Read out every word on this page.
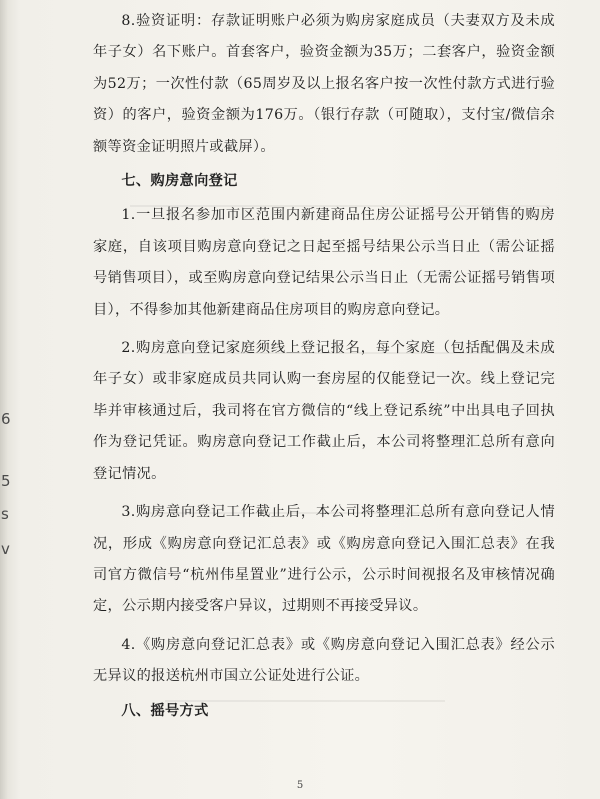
6
5
s
v

8.验资证明：存款证明账户必须为购房家庭成员（夫妻双方及未成年子女）名下账户。首套客户，验资金额为35万；二套客户，验资金额为52万；一次性付款（65周岁及以上报名客户按一次性付款方式进行验资）的客户，验资金额为176万。（银行存款（可随取），支付宝/微信余额等资金证明照片或截屏）。

七、购房意向登记

1.一旦报名参加市区范围内新建商品住房公证摇号公开销售的购房家庭，自该项目购房意向登记之日起至摇号结果公示当日止（需公证摇号销售项目），或至购房意向登记结果公示当日止（无需公证摇号销售项目），不得参加其他新建商品住房项目的购房意向登记。

2.购房意向登记家庭须线上登记报名，每个家庭（包括配偶及未成年子女）或非家庭成员共同认购一套房屋的仅能登记一次。线上登记完毕并审核通过后，我司将在官方微信的“线上登记系统”中出具电子回执作为登记凭证。购房意向登记工作截止后，本公司将整理汇总所有意向登记情况。

3.购房意向登记工作截止后，本公司将整理汇总所有意向登记人情况，形成《购房意向登记汇总表》或《购房意向登记入围汇总表》在我司官方微信号“杭州伟星置业”进行公示，公示时间视报名及审核情况确定，公示期内接受客户异议，过期则不再接受异议。

4.《购房意向登记汇总表》或《购房意向登记入围汇总表》经公示无异议的报送杭州市国立公证处进行公证。

八、摇号方式
5
